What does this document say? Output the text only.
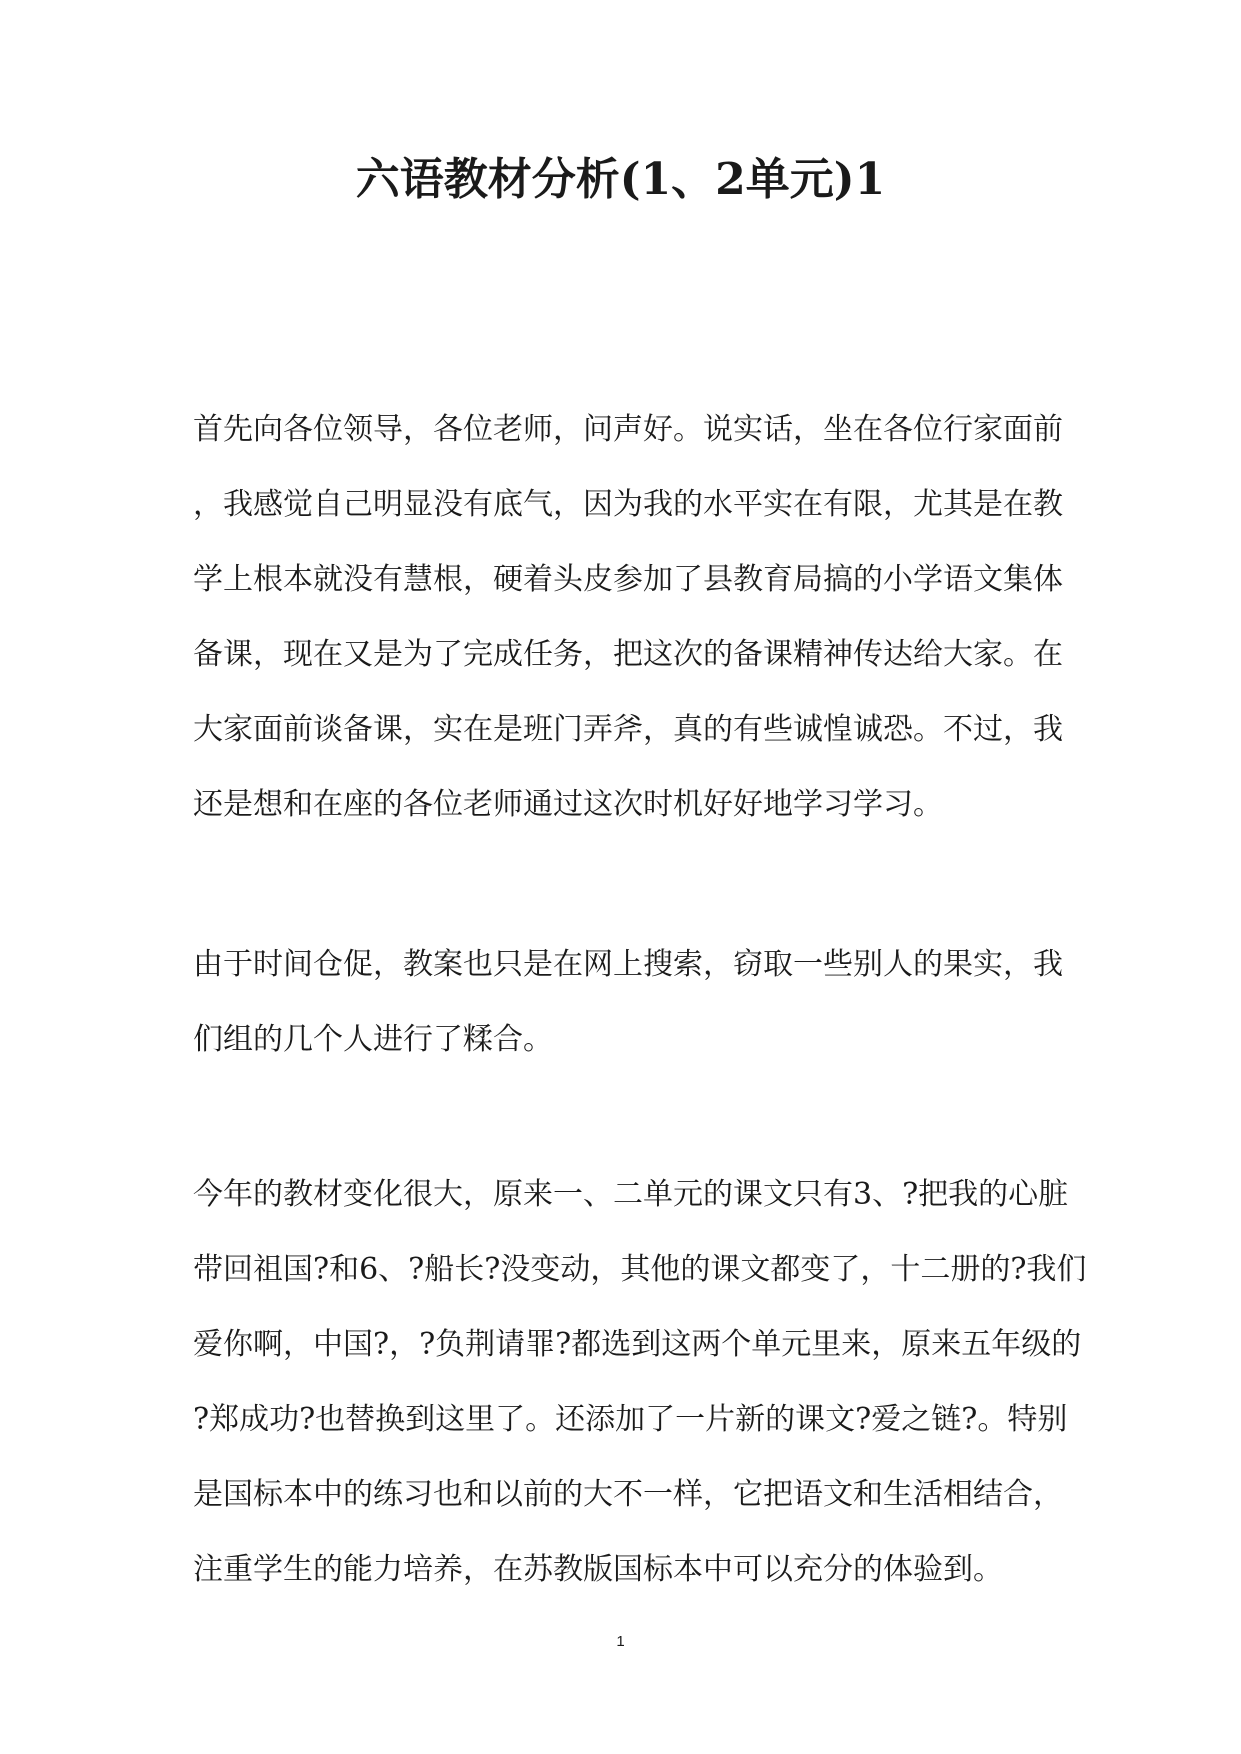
六语教材分析(1、2单元)1
首先向各位领导，各位老师，问声好。说实话，坐在各位行家面前
，我感觉自己明显没有底气，因为我的水平实在有限，尤其是在教
学上根本就没有慧根，硬着头皮参加了县教育局搞的小学语文集体
备课，现在又是为了完成任务，把这次的备课精神传达给大家。在
大家面前谈备课，实在是班门弄斧，真的有些诚惶诚恐。不过，我
还是想和在座的各位老师通过这次时机好好地学习学习。
由于时间仓促，教案也只是在网上搜索，窃取一些别人的果实，我
们组的几个人进行了糅合。
今年的教材变化很大，原来一、二单元的课文只有3、?把我的心脏
带回祖国?和6、?船长?没变动，其他的课文都变了，十二册的?我们
爱你啊，中国?，?负荆请罪?都选到这两个单元里来，原来五年级的
?郑成功?也替换到这里了。还添加了一片新的课文?爱之链?。特别
是国标本中的练习也和以前的大不一样，它把语文和生活相结合，
注重学生的能力培养，在苏教版国标本中可以充分的体验到。
1
